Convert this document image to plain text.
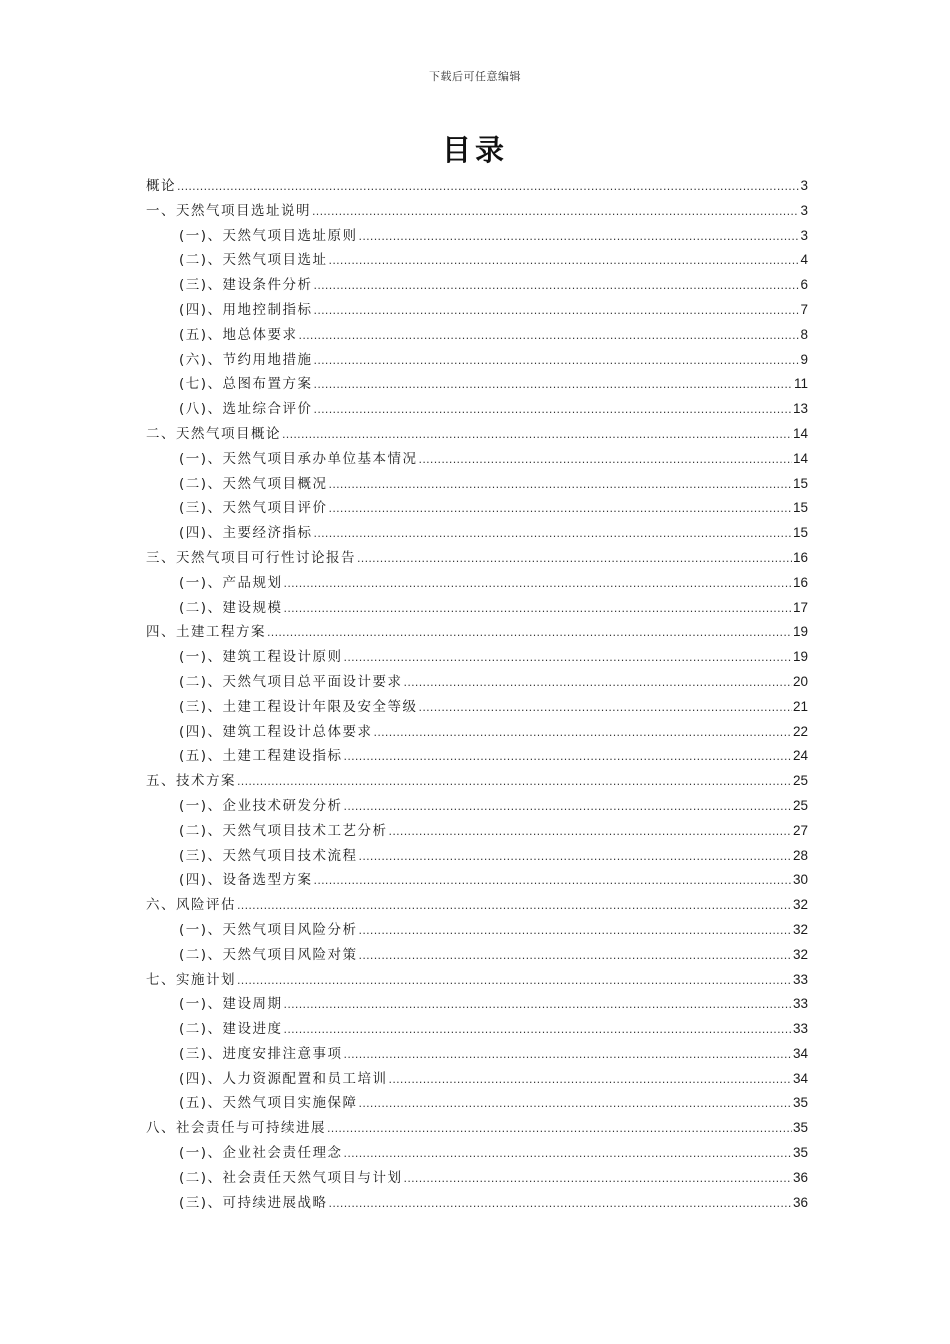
下载后可任意编辑
目录
概论 .....	3
一、天然气项目选址说明 .....	3
(一)、天然气项目选址原则 .....	3
(二)、天然气项目选址 .....	4
(三)、建设条件分析 .....	6
(四)、用地控制指标 .....	7
(五)、地总体要求 .....	8
(六)、节约用地措施 .....	9
(七)、总图布置方案 .....	11
(八)、选址综合评价 .....	13
二、天然气项目概论 .....	14
(一)、天然气项目承办单位基本情况 .....	14
(二)、天然气项目概况 .....	15
(三)、天然气项目评价 .....	15
(四)、主要经济指标 .....	15
三、天然气项目可行性讨论报告 .....	16
(一)、产品规划 .....	16
(二)、建设规模 .....	17
四、土建工程方案 .....	19
(一)、建筑工程设计原则 .....	19
(二)、天然气项目总平面设计要求 .....	20
(三)、土建工程设计年限及安全等级 .....	21
(四)、建筑工程设计总体要求 .....	22
(五)、土建工程建设指标 .....	24
五、技术方案 .....	25
(一)、企业技术研发分析 .....	25
(二)、天然气项目技术工艺分析 .....	27
(三)、天然气项目技术流程 .....	28
(四)、设备选型方案 .....	30
六、风险评估 .....	32
(一)、天然气项目风险分析 .....	32
(二)、天然气项目风险对策 .....	32
七、实施计划 .....	33
(一)、建设周期 .....	33
(二)、建设进度 .....	33
(三)、进度安排注意事项 .....	34
(四)、人力资源配置和员工培训 .....	34
(五)、天然气项目实施保障 .....	35
八、社会责任与可持续进展 .....	35
(一)、企业社会责任理念 .....	35
(二)、社会责任天然气项目与计划 .....	36
(三)、可持续进展战略 .....	36
